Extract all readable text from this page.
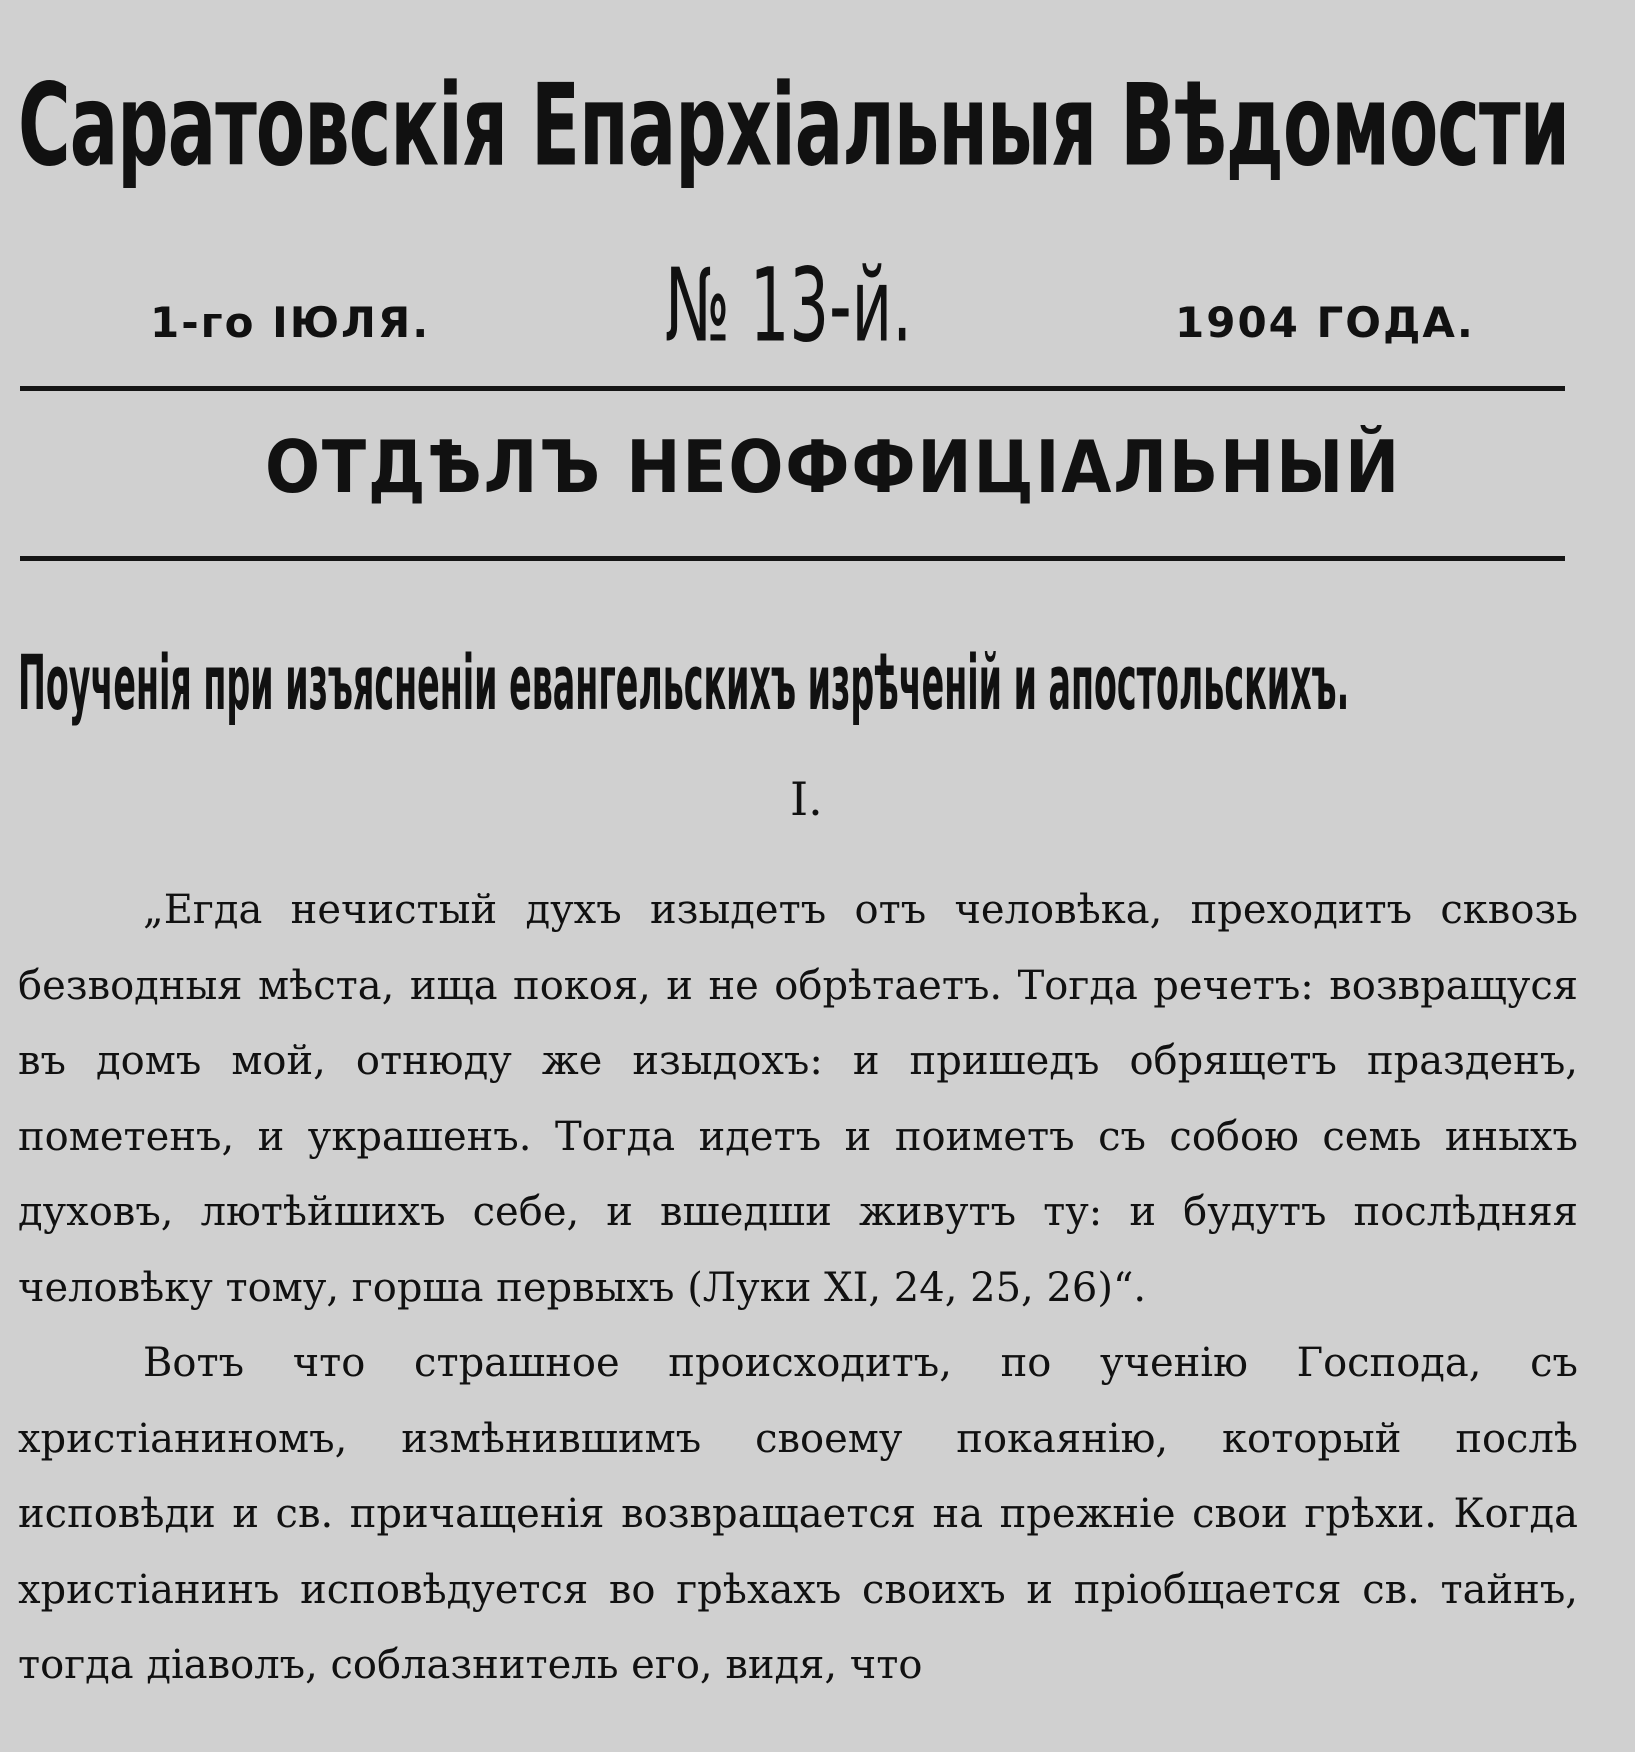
Саратовскія Епархіальныя Вѣдомости
1-го ІЮЛЯ.	№ 13-й.	1904 ГОДА.
ОТДѢЛЪ НЕОФФИЦІАЛЬНЫЙ
Поученія при изъясненіи евангельскихъ изрѣченій и апостольскихъ.
I.

„Егда нечистый духъ изыдетъ отъ человѣка, преходитъ сквозь безводныя мѣста, ища покоя, и не обрѣтаетъ. Тогда речетъ: возвращуся въ домъ мой, отнюду же изыдохъ: и пришедъ обрящетъ празденъ, пометенъ, и украшенъ. Тогда идетъ и поиметъ съ собою семь иныхъ духовъ, лютѣйшихъ себе, и вшедши живутъ ту: и будутъ послѣдняя человѣку тому, горша первыхъ (Луки XI, 24, 25, 26)“.

Вотъ что страшное происходитъ, по ученію Господа, съ христіаниномъ, измѣнившимъ своему покаянію, который послѣ исповѣди и св. причащенія возвращается на прежніе свои грѣхи. Когда христіанинъ исповѣдуется во грѣхахъ своихъ и пріобщается св. тайнъ, тогда діаволъ, соблазнитель его, видя, что
